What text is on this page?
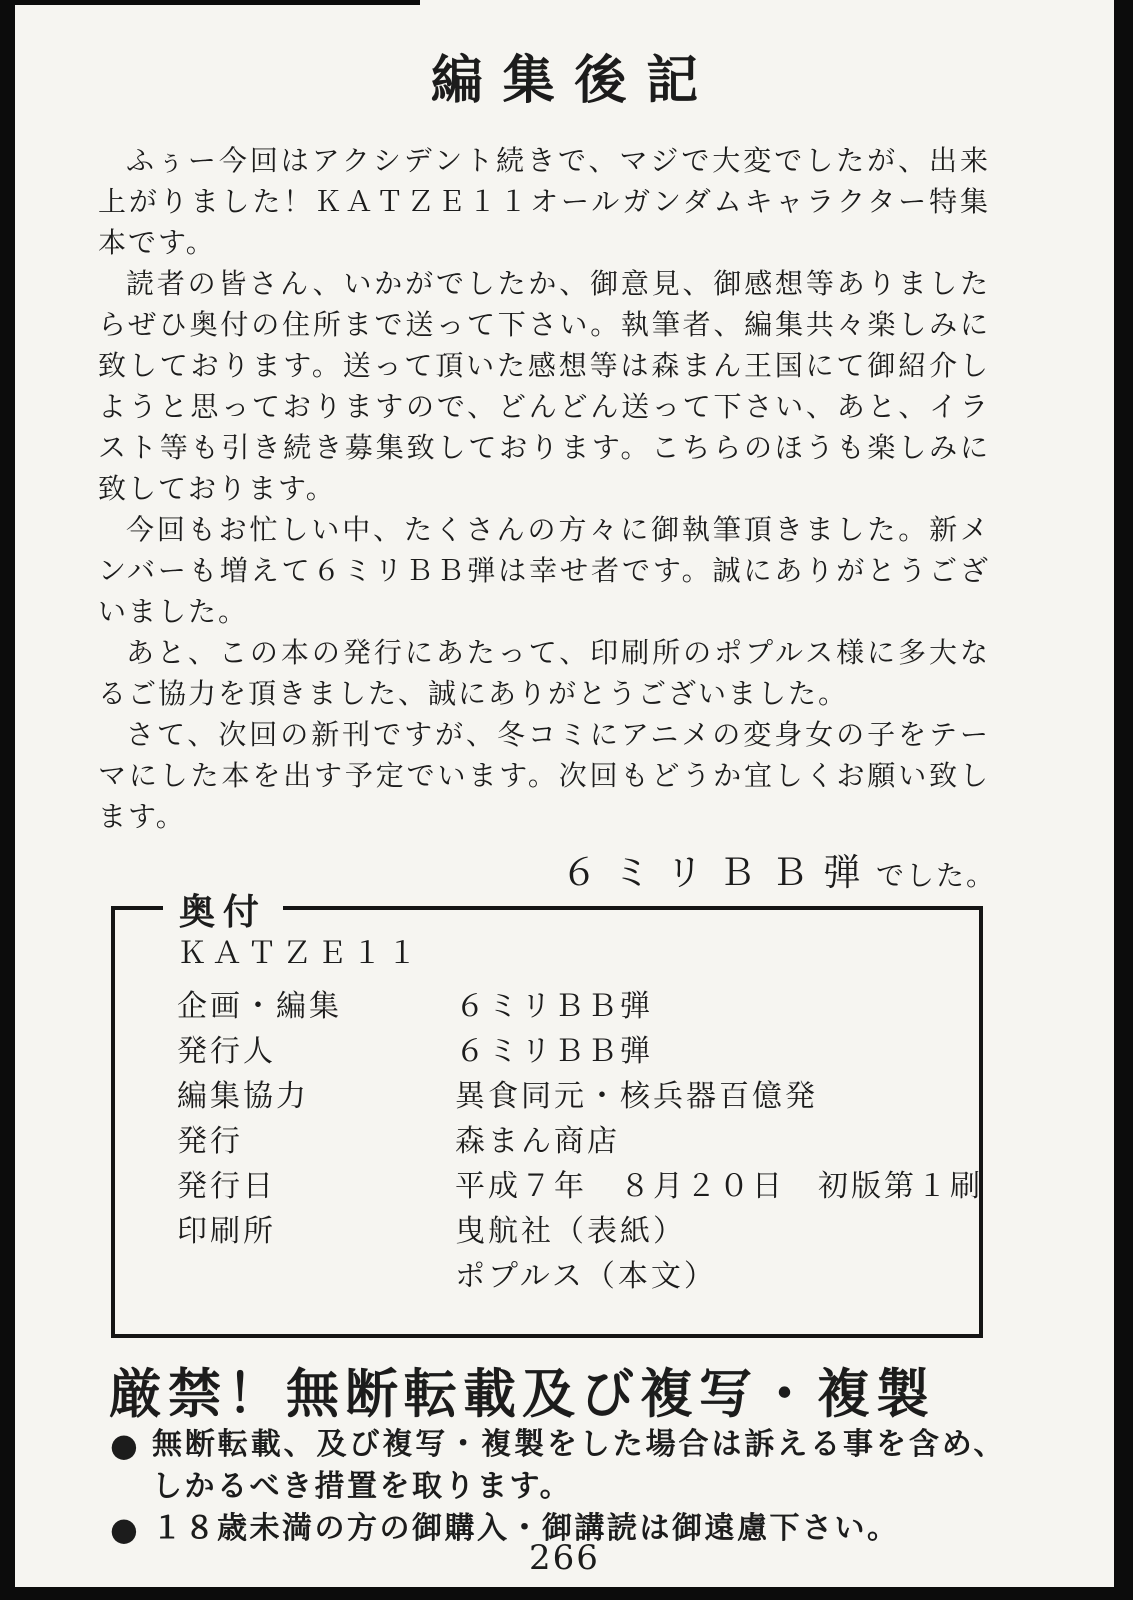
編集後記

ふぅー今回はアクシデント続きで、マジで大変でしたが、出来上がりました！ＫＡＴＺＥ１１オールガンダムキャラクター特集本です。

読者の皆さん、いかがでしたか、御意見、御感想等ありましたらぜひ奥付の住所まで送って下さい。執筆者、編集共々楽しみに致しております。送って頂いた感想等は森まん王国にて御紹介しようと思っておりますので、どんどん送って下さい、あと、イラスト等も引き続き募集致しております。こちらのほうも楽しみに致しております。

今回もお忙しい中、たくさんの方々に御執筆頂きました。新メンバーも増えて６ミリＢＢ弾は幸せ者です。誠にありがとうございました。

あと、この本の発行にあたって、印刷所のポプルス様に多大なるご協力を頂きました、誠にありがとうございました。

さて、次回の新刊ですが、冬コミにアニメの変身女の子をテーマにした本を出す予定でいます。次回もどうか宜しくお願い致します。

６ミリＢＢ弾でした。
奥付
ＫＡＴＺＥ１１
企画・編集	６ミリＢＢ弾
発行人	６ミリＢＢ弾
編集協力	異食同元・核兵器百億発
発行	森まん商店
発行日	平成７年　８月２０日　初版第１刷
印刷所	曳航社（表紙）
ポプルス（本文）
厳禁！無断転載及び複写・複製
● 無断転載、及び複写・複製をした場合は訴える事を含め、しかるべき措置を取ります。
● １８歳未満の方の御購入・御講読は御遠慮下さい。
266
